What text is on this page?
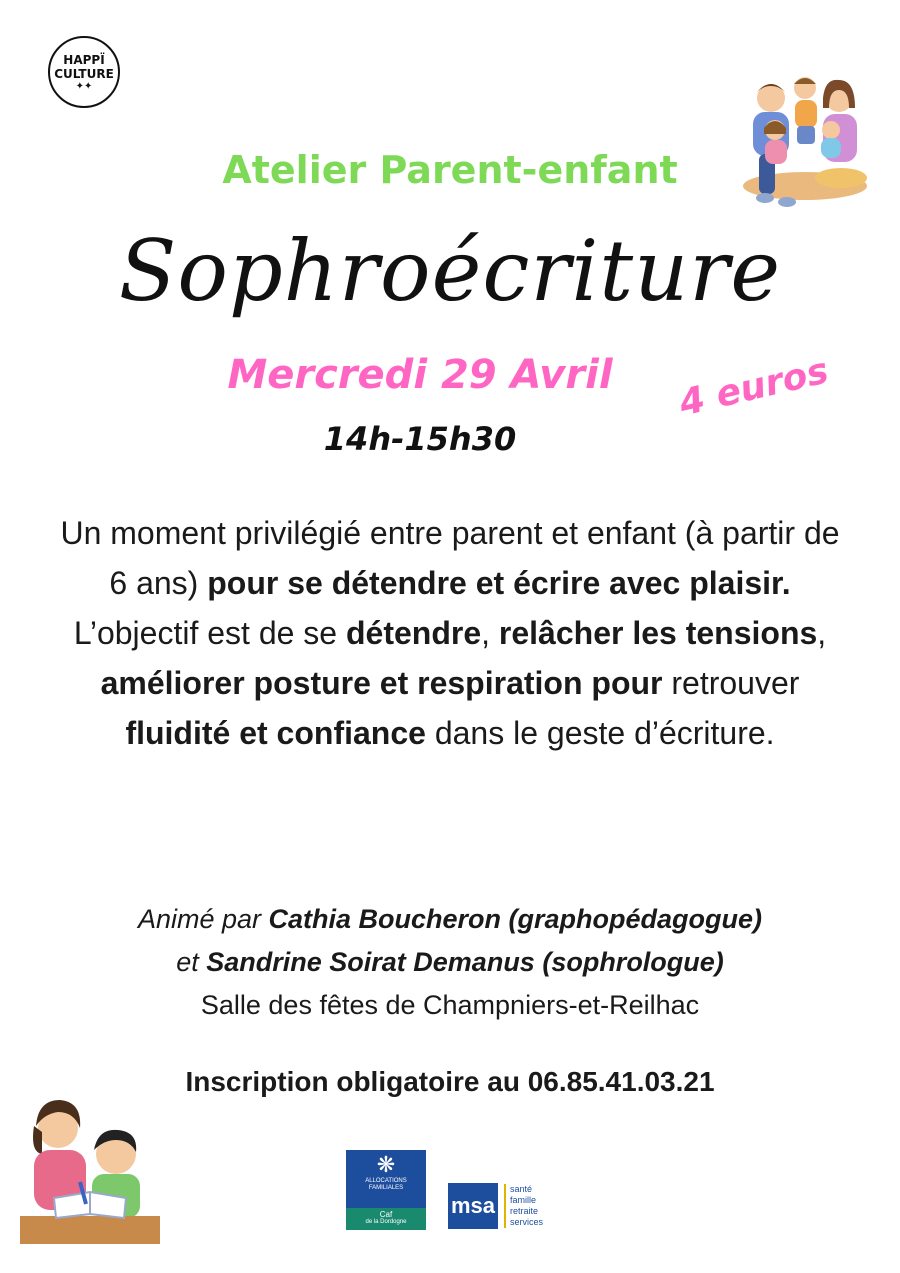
HAPPÏ
CULTURE
✦✦
Atelier Parent-enfant
Sophroécriture
Mercredi 29 Avril	4 euros
14h-15h30
Un moment privilégié entre parent et enfant (à partir de 6 ans) pour se détendre et écrire avec plaisir.
L’objectif est de se détendre, relâcher les tensions, améliorer posture et respiration pour retrouver fluidité et confiance dans le geste d’écriture.
Animé par Cathia Boucheron (graphopédagogue)
et Sandrine Soirat Demanus (sophrologue)
Salle des fêtes de Champniers-et-Reilhac
Inscription obligatoire au 06.85.41.03.21
❋
ALLOCATIONS
FAMILIALES
Caf
de la Dordogne
msa
santé
famille
retraite
services
